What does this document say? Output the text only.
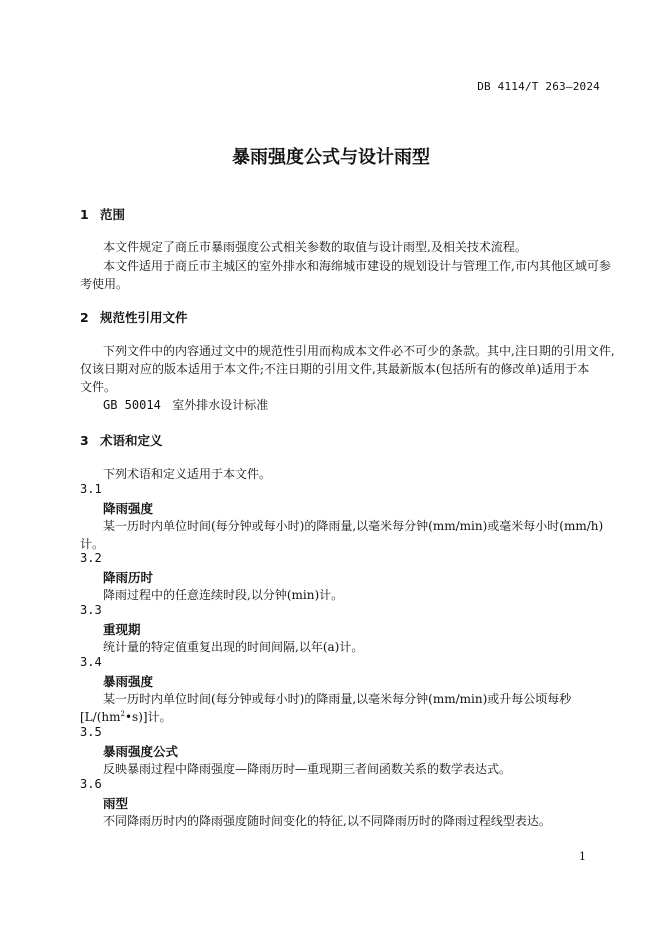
DB 4114/T 263—2024
暴雨强度公式与设计雨型
1 范围
本文件规定了商丘市暴雨强度公式相关参数的取值与设计雨型,及相关技术流程。
本文件适用于商丘市主城区的室外排水和海绵城市建设的规划设计与管理工作,市内其他区域可参
考使用。
2 规范性引用文件
下列文件中的内容通过文中的规范性引用而构成本文件必不可少的条款。其中,注日期的引用文件,
仅该日期对应的版本适用于本文件;不注日期的引用文件,其最新版本(包括所有的修改单)适用于本
文件。
GB 50014 室外排水设计标准
3 术语和定义
下列术语和定义适用于本文件。
3.1
降雨强度
某一历时内单位时间(每分钟或每小时)的降雨量,以毫米每分钟(mm/min)或毫米每小时(mm/h)
计。
3.2
降雨历时
降雨过程中的任意连续时段,以分钟(min)计。
3.3
重现期
统计量的特定值重复出现的时间间隔,以年(a)计。
3.4
暴雨强度
某一历时内单位时间(每分钟或每小时)的降雨量,以毫米每分钟(mm/min)或升每公顷每秒
$[L/(hm^2•s)]$计。
3.5
暴雨强度公式
反映暴雨过程中降雨强度—降雨历时—重现期三者间函数关系的数学表达式。
3.6
雨型
不同降雨历时内的降雨强度随时间变化的特征,以不同降雨历时的降雨过程线型表达。
1
